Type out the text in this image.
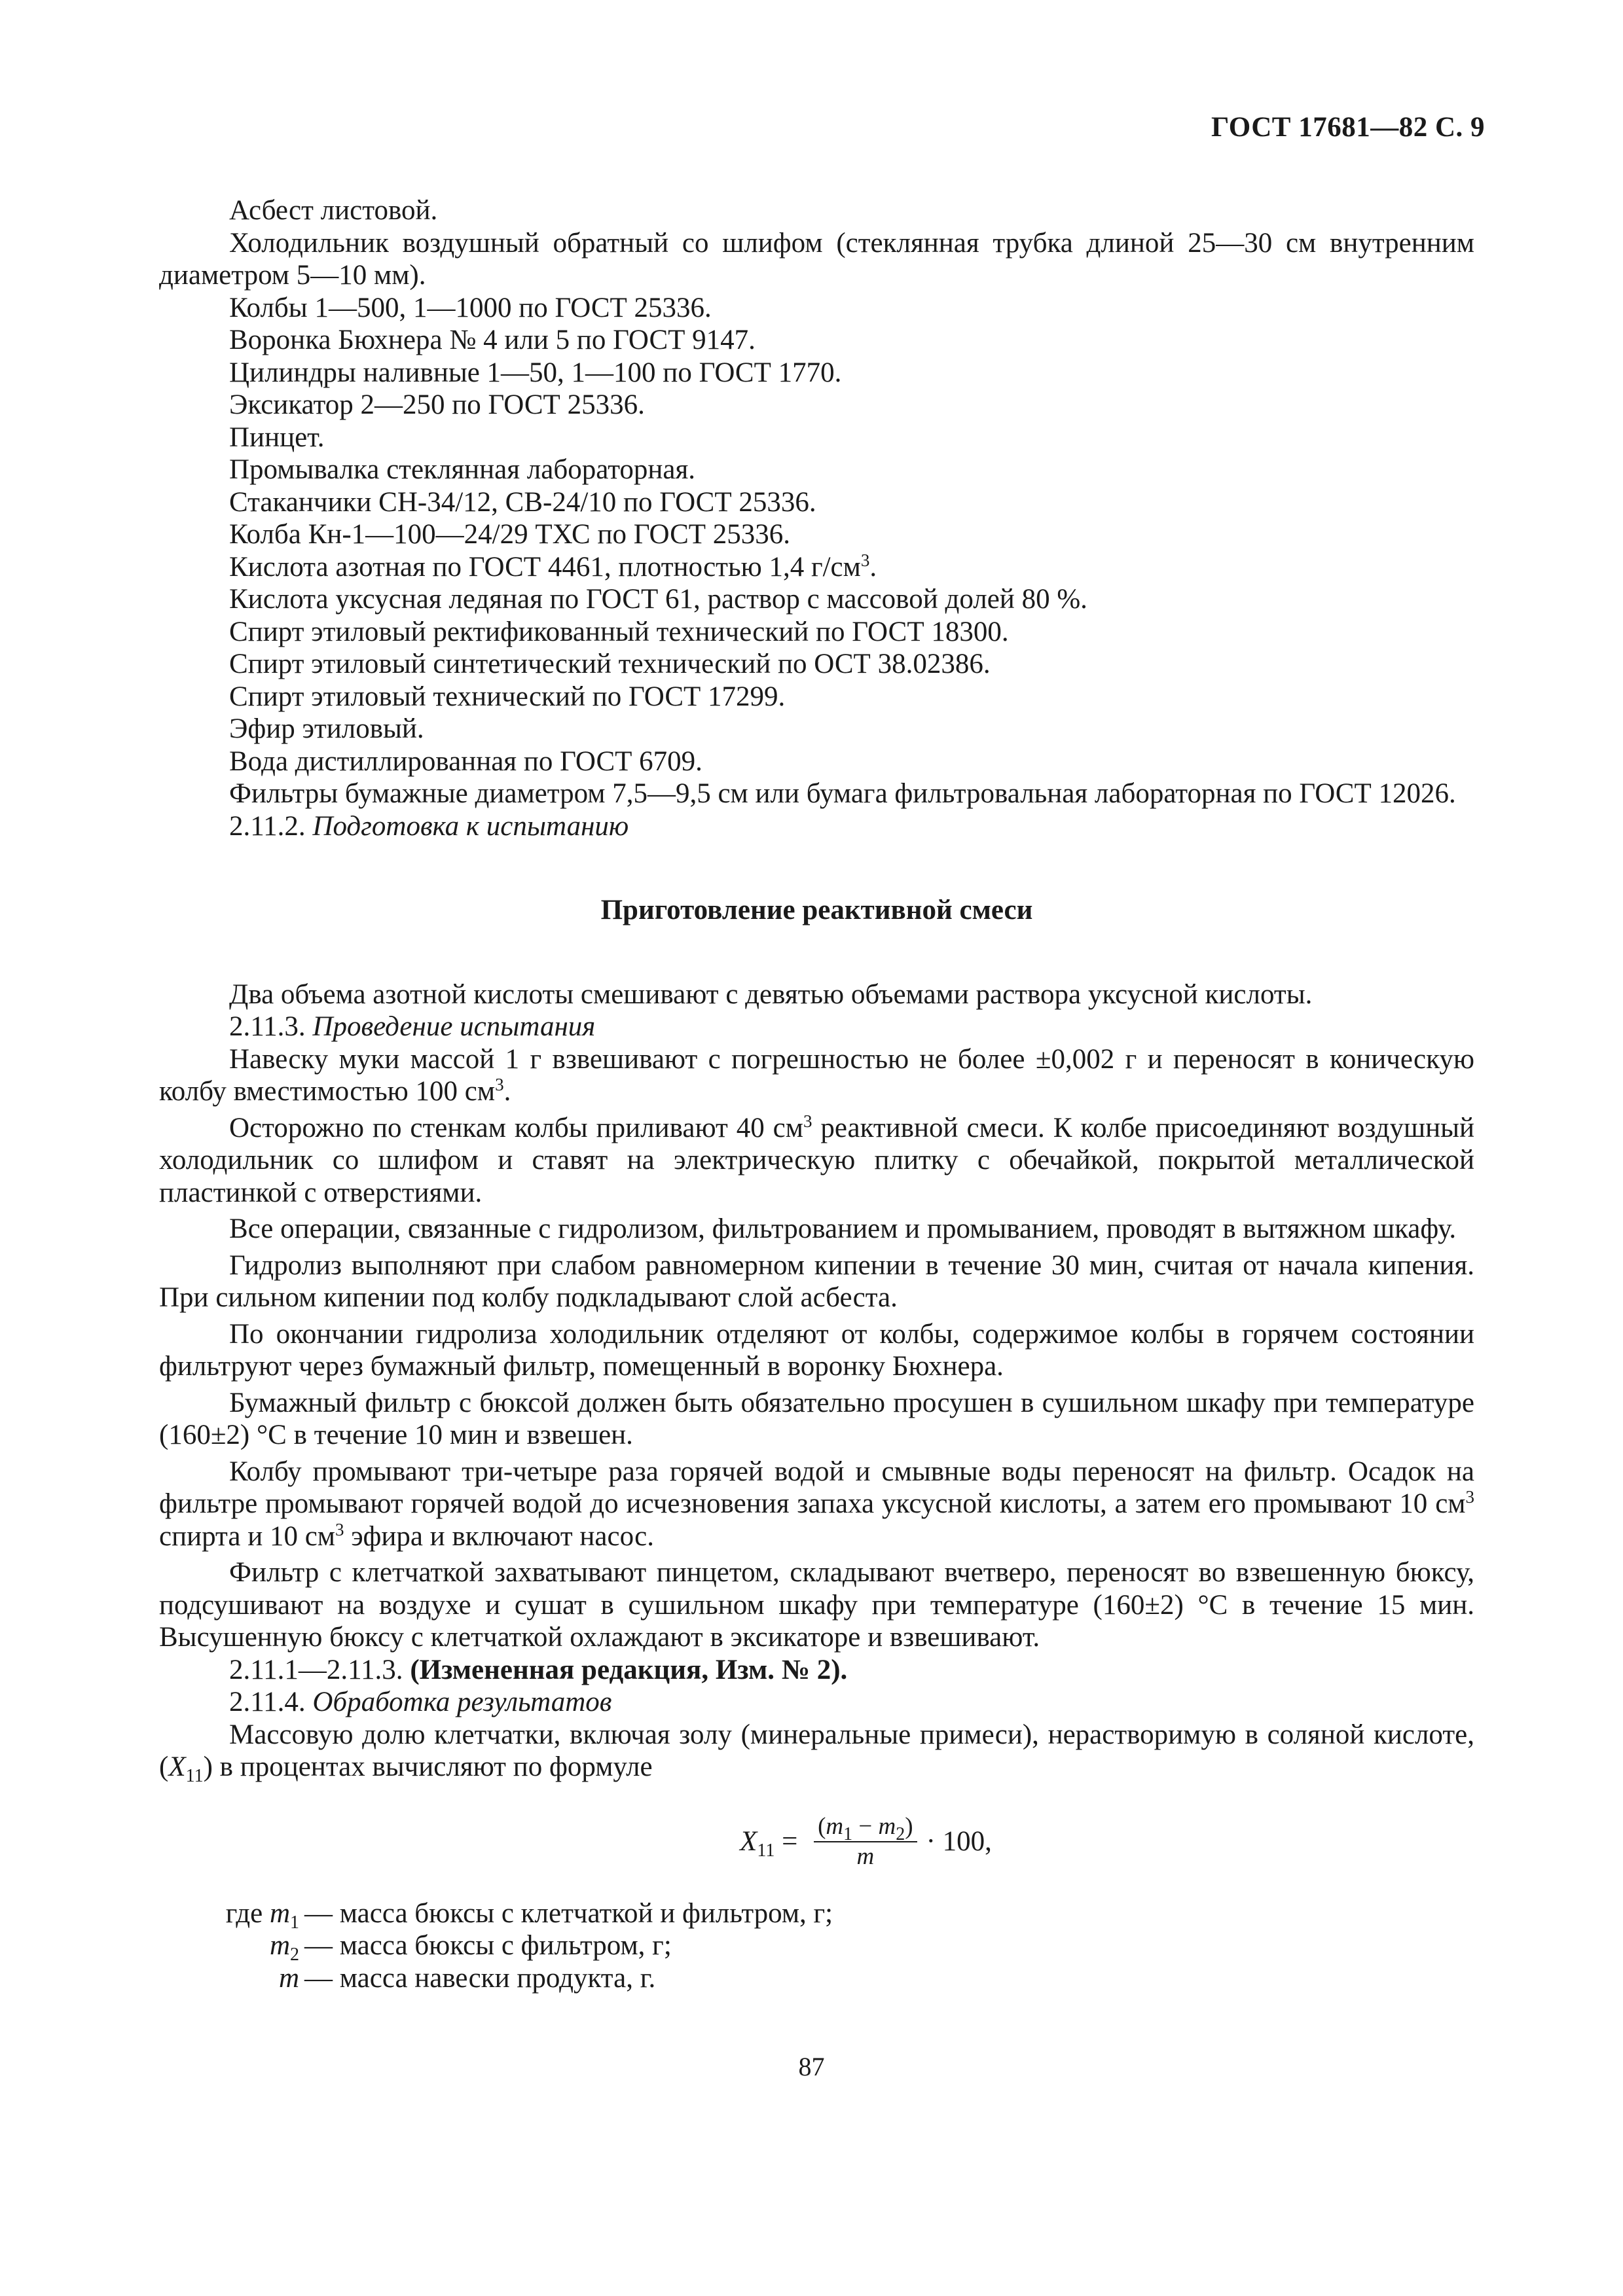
ГОСТ 17681—82 С. 9
Асбест листовой.
Холодильник воздушный обратный со шлифом (стеклянная трубка длиной 25—30 см внутренним диаметром 5—10 мм).
Колбы 1—500, 1—1000 по ГОСТ 25336.
Воронка Бюхнера № 4 или 5 по ГОСТ 9147.
Цилиндры наливные 1—50, 1—100 по ГОСТ 1770.
Эксикатор 2—250 по ГОСТ 25336.
Пинцет.
Промывалка стеклянная лабораторная.
Стаканчики СН-34/12, СВ-24/10 по ГОСТ 25336.
Колба Кн-1—100—24/29 ТХС по ГОСТ 25336.
Кислота азотная по ГОСТ 4461, плотностью 1,4 $г/см^3$.
Кислота уксусная ледяная по ГОСТ 61, раствор с массовой долей 80 %.
Спирт этиловый ректификованный технический по ГОСТ 18300.
Спирт этиловый синтетический технический по ОСТ 38.02386.
Спирт этиловый технический по ГОСТ 17299.
Эфир этиловый.
Вода дистиллированная по ГОСТ 6709.
Фильтры бумажные диаметром 7,5—9,5 см или бумага фильтровальная лабораторная по ГОСТ 12026.
2.11.2. Подготовка к испытанию
Приготовление реактивной смеси
Два объема азотной кислоты смешивают с девятью объемами раствора уксусной кислоты.
2.11.3. Проведение испытания
Навеску муки массой 1 г взвешивают с погрешностью не более ±0,002 г и переносят в коническую колбу вместимостью 100 $см^3$.
Осторожно по стенкам колбы приливают 40 $см^3$ реактивной смеси. К колбе присоединяют воздушный холодильник со шлифом и ставят на электрическую плитку с обечайкой, покрытой металлической пластинкой с отверстиями.
Все операции, связанные с гидролизом, фильтрованием и промыванием, проводят в вытяжном шкафу.
Гидролиз выполняют при слабом равномерном кипении в течение 30 мин, считая от начала кипения. При сильном кипении под колбу подкладывают слой асбеста.
По окончании гидролиза холодильник отделяют от колбы, содержимое колбы в горячем состоянии фильтруют через бумажный фильтр, помещенный в воронку Бюхнера.
Бумажный фильтр с бюксой должен быть обязательно просушен в сушильном шкафу при температуре (160±2) °С в течение 10 мин и взвешен.
Колбу промывают три-четыре раза горячей водой и смывные воды переносят на фильтр. Осадок на фильтре промывают горячей водой до исчезновения запаха уксусной кислоты, а затем его промывают 10 $см^3$ спирта и 10 $см^3$ эфира и включают насос.
Фильтр с клетчаткой захватывают пинцетом, складывают вчетверо, переносят во взвешенную бюксу, подсушивают на воздухе и сушат в сушильном шкафу при температуре (160±2) °С в течение 15 мин. Высушенную бюксу с клетчаткой охлаждают в эксикаторе и взвешивают.
2.11.1—2.11.3. (Измененная редакция, Изм. № 2).
2.11.4. Обработка результатов
Массовую долю клетчатки, включая золу (минеральные примеси), нерастворимую в соляной кислоте, $(X_{11})$ в процентах вычисляют по формуле
$X_{11} = \frac{(m_1 - m_2)}{m} \cdot 100$,
где $m_1$ — масса бюксы с клетчаткой и фильтром, г;
$m_2$ — масса бюксы с фильтром, г;
m — масса навески продукта, г.
87
